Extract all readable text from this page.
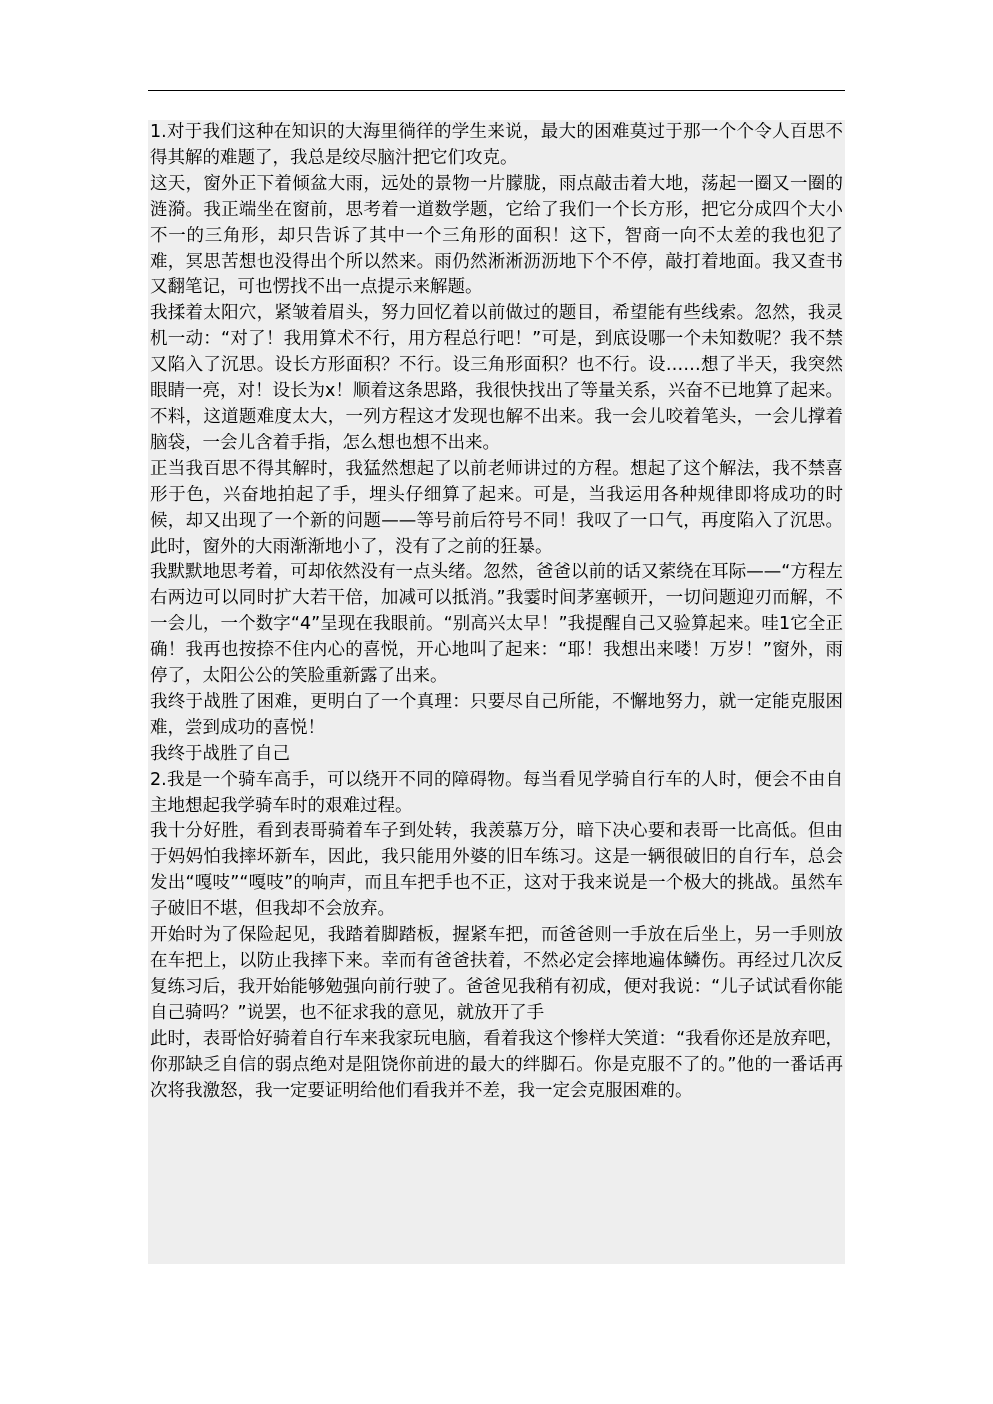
1.对于我们这种在知识的大海里徜徉的学生来说，最大的困难莫过于那一个个令人百思不得其解的难题了，我总是绞尽脑汁把它们攻克。

这天，窗外正下着倾盆大雨，远处的景物一片朦胧，雨点敲击着大地，荡起一圈又一圈的涟漪。我正端坐在窗前，思考着一道数学题，它给了我们一个长方形，把它分成四个大小不一的三角形，却只告诉了其中一个三角形的面积！这下，智商一向不太差的我也犯了难，冥思苦想也没得出个所以然来。雨仍然淅淅沥沥地下个不停，敲打着地面。我又查书又翻笔记，可也愣找不出一点提示来解题。

我揉着太阳穴，紧皱着眉头，努力回忆着以前做过的题目，希望能有些线索。忽然，我灵机一动：“对了！我用算术不行，用方程总行吧！”可是，到底设哪一个未知数呢？我不禁又陷入了沉思。设长方形面积？不行。设三角形面积？也不行。设……想了半天，我突然眼睛一亮，对！设长为x！顺着这条思路，我很快找出了等量关系，兴奋不已地算了起来。不料，这道题难度太大，一列方程这才发现也解不出来。我一会儿咬着笔头，一会儿撑着脑袋，一会儿含着手指，怎么想也想不出来。

正当我百思不得其解时，我猛然想起了以前老师讲过的方程。想起了这个解法，我不禁喜形于色，兴奋地拍起了手，埋头仔细算了起来。可是，当我运用各种规律即将成功的时候，却又出现了一个新的问题——等号前后符号不同！我叹了一口气，再度陷入了沉思。此时，窗外的大雨渐渐地小了，没有了之前的狂暴。

我默默地思考着，可却依然没有一点头绪。忽然，爸爸以前的话又萦绕在耳际——“方程左右两边可以同时扩大若干倍，加减可以抵消。”我霎时间茅塞顿开，一切问题迎刃而解，不一会儿，一个数字“4”呈现在我眼前。“别高兴太早！”我提醒自己又验算起来。哇1它全正确！我再也按捺不住内心的喜悦，开心地叫了起来：“耶！我想出来喽！万岁！”窗外，雨停了，太阳公公的笑脸重新露了出来。

我终于战胜了困难，更明白了一个真理：只要尽自己所能，不懈地努力，就一定能克服困难，尝到成功的喜悦！

我终于战胜了自己

2.我是一个骑车高手，可以绕开不同的障碍物。每当看见学骑自行车的人时，便会不由自主地想起我学骑车时的艰难过程。

我十分好胜，看到表哥骑着车子到处转，我羡慕万分，暗下决心要和表哥一比高低。但由于妈妈怕我摔坏新车，因此，我只能用外婆的旧车练习。这是一辆很破旧的自行车，总会发出“嘎吱”“嘎吱”的响声，而且车把手也不正，这对于我来说是一个极大的挑战。虽然车子破旧不堪，但我却不会放弃。

开始时为了保险起见，我踏着脚踏板，握紧车把，而爸爸则一手放在后坐上，另一手则放在车把上，以防止我摔下来。幸而有爸爸扶着，不然必定会摔地遍体鳞伤。再经过几次反复练习后，我开始能够勉强向前行驶了。爸爸见我稍有初成，便对我说：“儿子试试看你能自己骑吗？”说罢，也不征求我的意见，就放开了手

此时，表哥恰好骑着自行车来我家玩电脑，看着我这个惨样大笑道：“我看你还是放弃吧，你那缺乏自信的弱点绝对是阻饶你前进的最大的绊脚石。你是克服不了的。”他的一番话再次将我激怒，我一定要证明给他们看我并不差，我一定会克服困难的。
